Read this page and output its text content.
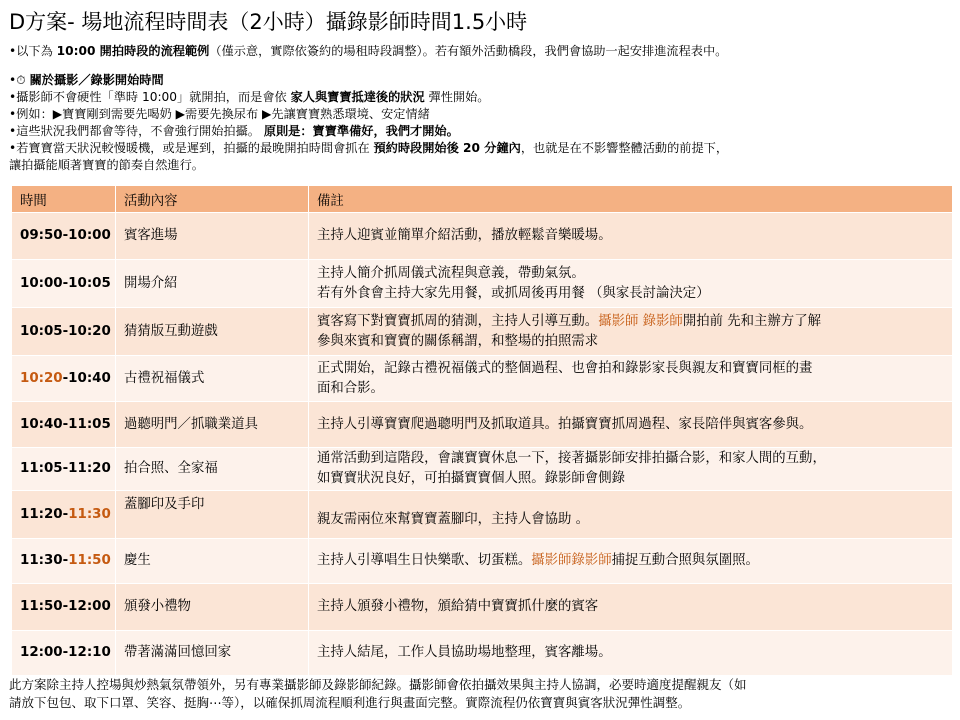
D方案- 場地流程時間表（2小時）攝錄影師時間1.5小時

•以下為 10:00 開拍時段的流程範例（僅示意，實際依簽約的場租時段調整）。若有額外活動橋段，我們會協助一起安排進流程表中。

•⏱ 關於攝影／錄影開始時間

•攝影師不會硬性「準時 10:00」就開拍，而是會依 家人與寶寶抵達後的狀況 彈性開始。

•例如：▶寶寶剛到需要先喝奶 ▶需要先換尿布 ▶先讓寶寶熟悉環境、安定情緒

•這些狀況我們都會等待，不會強行開始拍攝。 原則是：寶寶準備好，我們才開始。

•若寶寶當天狀況較慢暖機，或是遲到，拍攝的最晚開拍時間會抓在 預約時段開始後 20 分鐘內，也就是在不影響整體活動的前提下，

讓拍攝能順著寶寶的節奏自然進行。

時間	活動內容	備註
09:50-10:00	賓客進場	主持人迎賓並簡單介紹活動，播放輕鬆音樂暖場。

10:00-10:05	開場介紹	主持人簡介抓周儀式流程與意義，帶動氣氛。
若有外食會主持大家先用餐，或抓周後再用餐 （與家長討論決定）

10:05-10:20	猜猜版互動遊戲	賓客寫下對寶寶抓周的猜測，主持人引導互動。攝影師 錄影師開拍前 先和主辦方了解
參與來賓和寶寶的關係稱謂，和整場的拍照需求

10:20-10:40	古禮祝福儀式	正式開始，記錄古禮祝福儀式的整個過程、也會拍和錄影家長與親友和寶寶同框的畫
面和合影。

10:40-11:05	過聽明門／抓職業道具	主持人引導寶寶爬過聰明門及抓取道具。拍攝寶寶抓周過程、家長陪伴與賓客參與。

11:05-11:20	拍合照、全家福	通常活動到這階段，會讓寶寶休息一下，接著攝影師安排拍攝合影，和家人間的互動，
如寶寶狀況良好，可拍攝寶寶個人照。錄影師會側錄

11:20-11:30	蓋腳印及手印	親友需兩位來幫寶寶蓋腳印，主持人會協助 。

11:30-11:50	慶生	主持人引導唱生日快樂歌、切蛋糕。攝影師錄影師捕捉互動合照與氛圍照。

11:50-12:00	頒發小禮物	主持人頒發小禮物，頒給猜中寶寶抓什麼的賓客

12:00-12:10	帶著滿滿回憶回家	主持人結尾，工作人員協助場地整理，賓客離場。

此方案除主持人控場與炒熱氣氛帶領外，另有專業攝影師及錄影師紀錄。攝影師會依拍攝效果與主持人協調，必要時適度提醒親友（如

請放下包包、取下口罩、笑容、挺胸⋯等），以確保抓周流程順利進行與畫面完整。實際流程仍依寶寶與賓客狀況彈性調整。
